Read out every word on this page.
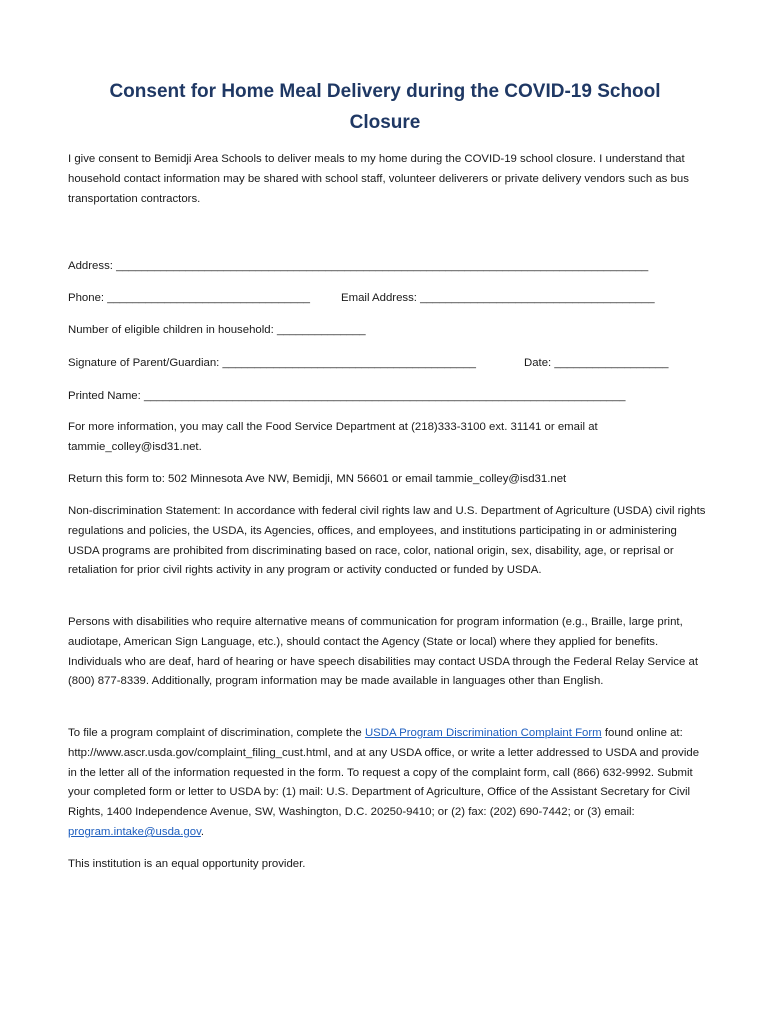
Consent for Home Meal Delivery during the COVID-19 School
Closure

I give consent to Bemidji Area Schools to deliver meals to my home during the COVID-19 school closure. I understand that household contact information may be shared with school staff, volunteer deliverers or private delivery vendors such as bus transportation contractors.

Address: ____________________________________________________________________________________
Phone: ________________________________	Email Address: _____________________________________
Number of eligible children in household: ______________
Signature of Parent/Guardian: ________________________________________	Date: __________________
Printed Name: ____________________________________________________________________________

For more information, you may call the Food Service Department at (218)333-3100 ext. 31141 or email at tammie_colley@isd31.net.

Return this form to: 502 Minnesota Ave NW, Bemidji, MN 56601 or email tammie_colley@isd31.net

Non-discrimination Statement: In accordance with federal civil rights law and U.S. Department of Agriculture (USDA) civil rights regulations and policies, the USDA, its Agencies, offices, and employees, and institutions participating in or administering USDA programs are prohibited from discriminating based on race, color, national origin, sex, disability, age, or reprisal or retaliation for prior civil rights activity in any program or activity conducted or funded by USDA.

Persons with disabilities who require alternative means of communication for program information (e.g., Braille, large print, audiotape, American Sign Language, etc.), should contact the Agency (State or local) where they applied for benefits. Individuals who are deaf, hard of hearing or have speech disabilities may contact USDA through the Federal Relay Service at (800) 877-8339. Additionally, program information may be made available in languages other than English.

To file a program complaint of discrimination, complete the USDA Program Discrimination Complaint Form found online at: http://www.ascr.usda.gov/complaint_filing_cust.html, and at any USDA office, or write a letter addressed to USDA and provide in the letter all of the information requested in the form. To request a copy of the complaint form, call (866) 632-9992. Submit your completed form or letter to USDA by: (1) mail: U.S. Department of Agriculture, Office of the Assistant Secretary for Civil Rights, 1400 Independence Avenue, SW, Washington, D.C. 20250-9410; or (2) fax: (202) 690-7442; or (3) email: program.intake@usda.gov.

This institution is an equal opportunity provider.
